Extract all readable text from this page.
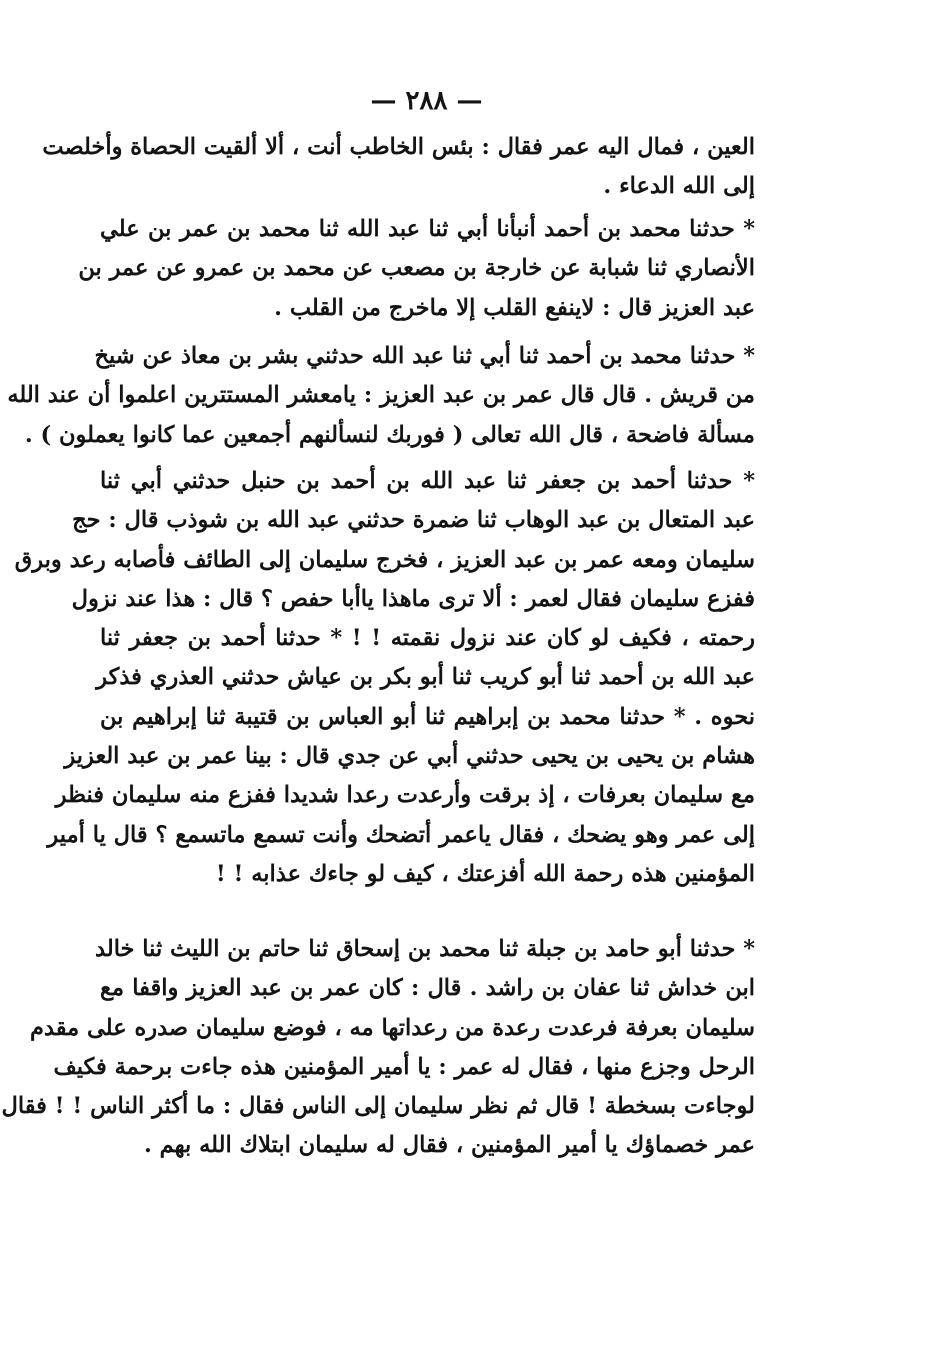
— ٢٨٨ —
العين ، فمال اليه عمر فقال : بئس الخاطب أنت ، ألا ألقيت الحصاة وأخلصت
إلى الله الدعاء .
* حدثنا محمد بن أحمد أنبأنا أبي ثنا عبد الله ثنا محمد بن عمر بن علي
الأنصاري ثنا شبابة عن خارجة بن مصعب عن محمد بن عمرو عن عمر بن
عبد العزيز قال : لاينفع القلب إلا ماخرج من القلب .
* حدثنا محمد بن أحمد ثنا أبي ثنا عبد الله حدثني بشر بن معاذ عن شيخ
من قريش . قال قال عمر بن عبد العزيز : يامعشر المستترين اعلموا أن عند الله
مسألة فاضحة ، قال الله تعالى ( فوربك لنسألنهم أجمعين عما كانوا يعملون ) .
* حدثنا أحمد بن جعفر ثنا عبد الله بن أحمد بن حنبل حدثني أبي ثنا
عبد المتعال بن عبد الوهاب ثنا ضمرة حدثني عبد الله بن شوذب قال : حج
سليمان ومعه عمر بن عبد العزيز ، فخرج سليمان إلى الطائف فأصابه رعد وبرق
ففزع سليمان فقال لعمر : ألا ترى ماهذا ياأبا حفص ؟ قال : هذا عند نزول
رحمته ، فكيف لو كان عند نزول نقمته ! ! * حدثنا أحمد بن جعفر ثنا
عبد الله بن أحمد ثنا أبو كريب ثنا أبو بكر بن عياش حدثني العذري فذكر
نحوه . * حدثنا محمد بن إبراهيم ثنا أبو العباس بن قتيبة ثنا إبراهيم بن
هشام بن يحيى بن يحيى حدثني أبي عن جدي قال : بينا عمر بن عبد العزيز
مع سليمان بعرفات ، إذ برقت وأرعدت رعدا شديدا ففزع منه سليمان فنظر
إلى عمر وهو يضحك ، فقال ياعمر أتضحك وأنت تسمع ماتسمع ؟ قال يا أمير
المؤمنين هذه رحمة الله أفزعتك ، كيف لو جاءك عذابه ! !
* حدثنا أبو حامد بن جبلة ثنا محمد بن إسحاق ثنا حاتم بن الليث ثنا خالد
ابن خداش ثنا عفان بن راشد . قال : كان عمر بن عبد العزيز واقفا مع
سليمان بعرفة فرعدت رعدة من رعداتها مه ، فوضع سليمان صدره على مقدم
الرحل وجزع منها ، فقال له عمر : يا أمير المؤمنين هذه جاءت برحمة فكيف
لوجاءت بسخطة ! قال ثم نظر سليمان إلى الناس فقال : ما أكثر الناس ! ! فقال
عمر خصماؤك يا أمير المؤمنين ، فقال له سليمان ابتلاك الله بهم .
